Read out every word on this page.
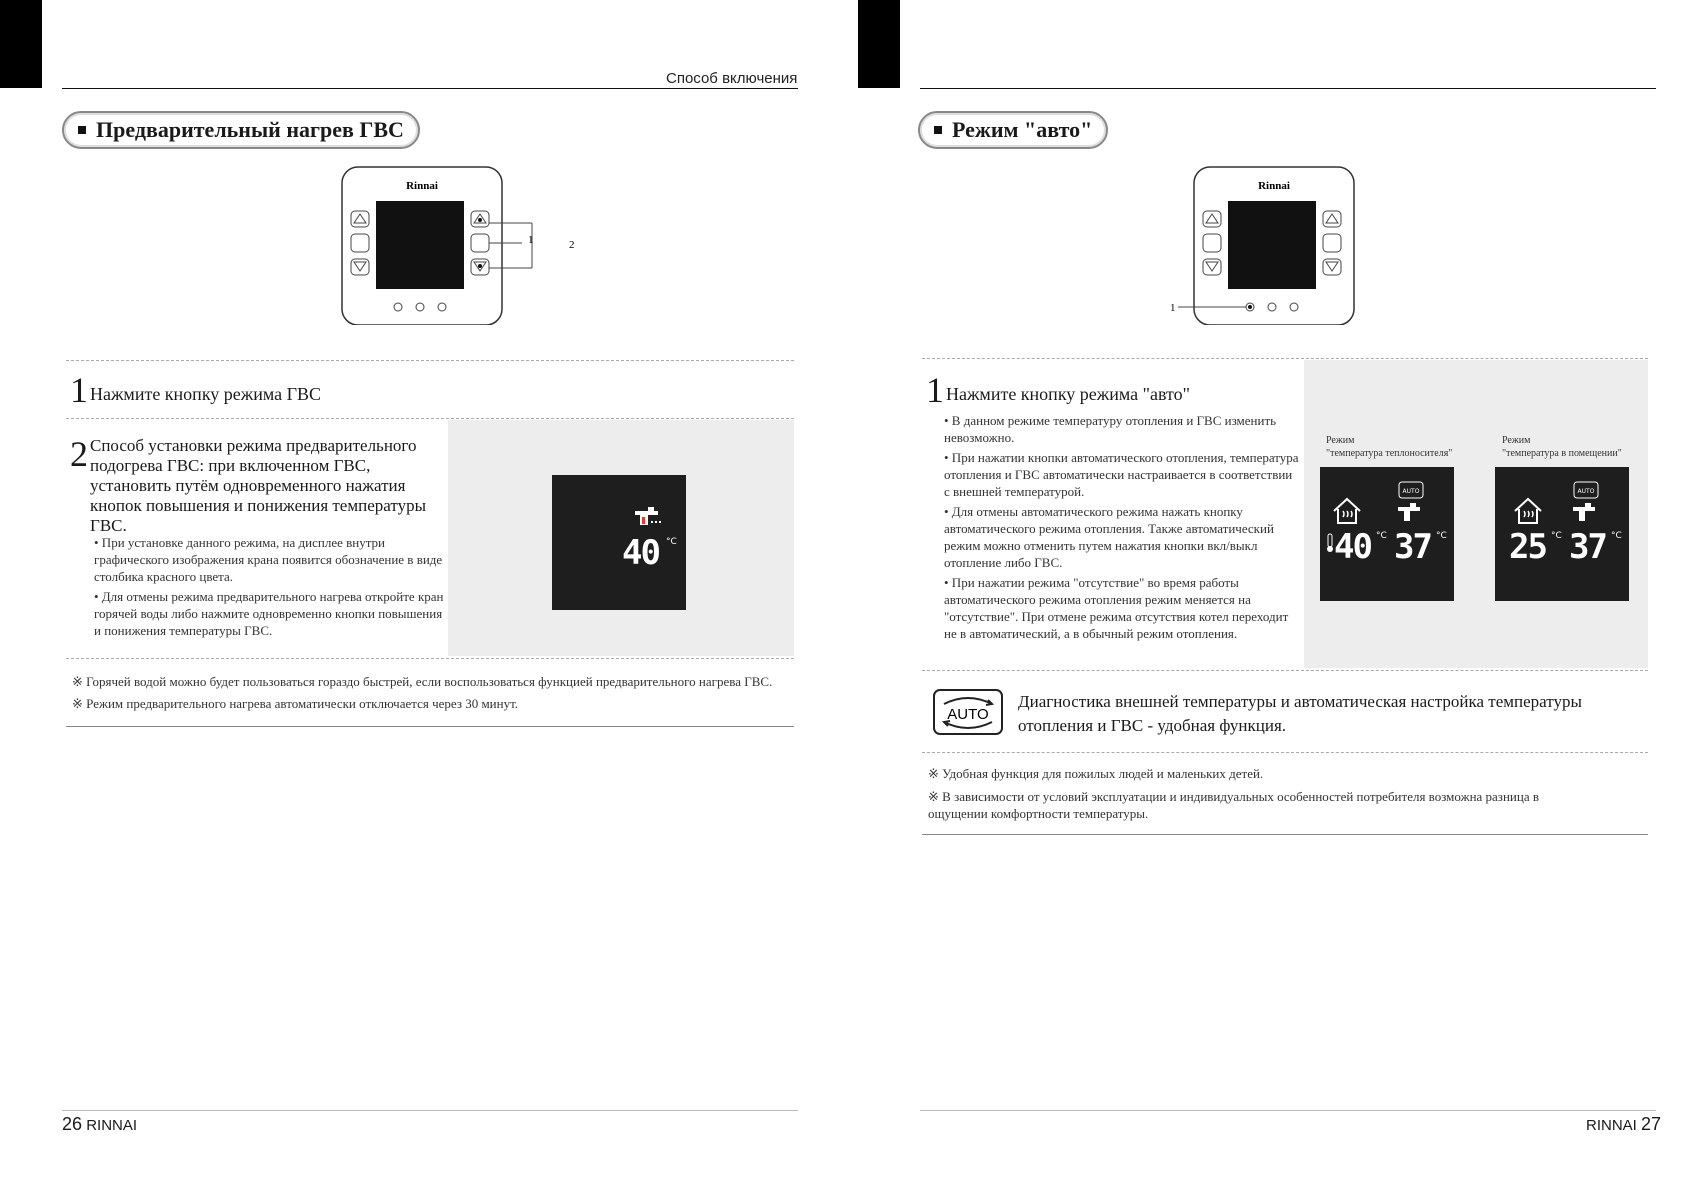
Способ включения
Предварительный нагрев ГВС
Rinnai
1	2
1 Нажмите кнопку режима ГВС
2 Способ установки режима предварительного подогрева ГВС: при включенном ГВС, установить путём одновременного нажатия кнопок повышения и понижения температуры ГВС.
• При установке данного режима, на дисплее внутри графического изображения крана появится обозначение в виде столбика красного цвета.
• Для отмены режима предварительного нагрева откройте кран горячей воды либо нажмите одновременно кнопки повышения и понижения температуры ГВС.
40 °C
※ Горячей водой можно будет пользоваться гораздо быстрей, если воспользоваться функцией предварительного нагрева ГВС.
※ Режим предварительного нагрева автоматически отключается через 30 минут.
26 RINNAI
Режим "авто"
Rinnai
1
1 Нажмите кнопку режима "авто"
• В данном режиме температуру отопления и ГВС изменить невозможно.
• При нажатии кнопки автоматического отопления, температура отопления и ГВС автоматически настраивается в соответствии с внешней температурой.
• Для отмены автоматического режима нажать кнопку автоматического режима отопления. Также автоматический режим можно отменить путем нажатия кнопки вкл/выкл отопление либо ГВС.
• При нажатии режима "отсутствие" во время работы автоматического режима отопления режим меняется на "отсутствие". При отмене режима отсутствия котел переходит не в автоматический, а в обычный режим отопления.
Режим
"температура теплоносителя"
AUTO
40 °C 37 °C
Режим
"температура в помещении"
AUTO
25 °C 37 °C
AUTO
Диагностика внешней температуры и автоматическая настройка температуры отопления и ГВС - удобная функция.
※ Удобная функция для пожилых людей и маленьких детей.
※ В зависимости от условий эксплуатации и индивидуальных особенностей потребителя возможна разница в ощущении комфортности температуры.
RINNAI 27
